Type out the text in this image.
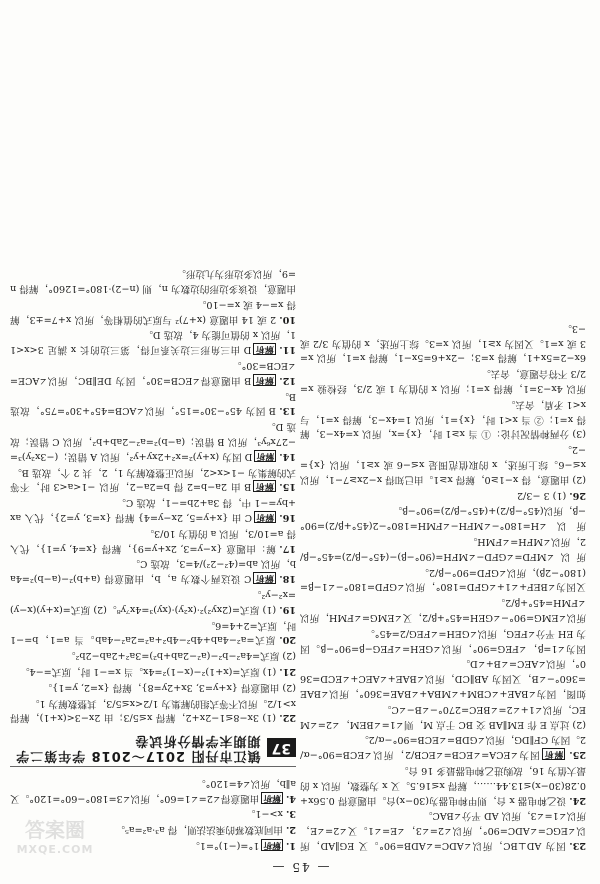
— 45 —
答案圈
MXQE.COM	23. 因为 AD⊥BC，所以∠ADC=∠ADB=90°。又 EG∥AD，所以∠EGC=∠ADC=90°，所以∠2=∠3，∠E=∠1。又∠2=∠E，所以∠1=∠3，所以 AD 平分∠BAC。

24. 设乙种电器 x 台，则甲种电器为(30−x)台。由题意得 0.56x+0.28(30−x)≤13.44……，解得 x≤16.5。又 x 为整数，所以 x 的最大值为 16，故购进乙种电器最多 16 台。

25. 解析因为∠ECA=∠ECB=∠ECB/2，所以∠ECB=90°−α/2。因为 CF∥DG，所以∠GDB=∠ECB=90°−α/2。

(2) 过点 E 作 EM∥AB 交 BC 于点 M，则∠1=∠BEM，∠2=∠MEC，所以∠1+∠2=∠BEC=270°−∠B−∠C。

如图，因为∠BAE+∠CBM+∠MBA+∠BAE=360°，所以∠BAE=360°−∠B，又因为 AB∥CD，所以∠BAE+∠AEC+∠ECD=360°，所以∠AEC=∠B+∠D。

因为∠1=β，∠FEG=90°，所以∠GEH=∠FEG−β=90°−β。因为 EH 平分∠FEG，所以∠GEH=∠FEG/2=45°。

所以∠EMG=90°−∠GEH=45°+β/2，又∠EMG=∠FMH，所以∠FMH=45°+β/2。

又因为∠BEF+∠1+∠GFD=180°，所以∠GFD=180°−∠1−β=(180°−2β)，所以∠GFD=90°−β/2。

所以∠MFD=∠GFD−∠MFH=(90°−β)−(45°−β/2)=45°−β/2，所以∠MFH=∠FMH。

所以∠H=180°−∠MFH−∠FMH=180°−2(45°+β/2)=90°−β，所以(45°−β/2)+(45°−β/2)=90°−β。

26. (1) 3 −3/2

(2) 由题意，得 x−1≥0，解得 x≥1。由已知得 x−2x≥7−1，所以 x≤−6。综上所述，x 的取值范围是 x≤−6 或 x≥1，所以 {x}=−2。

(3) 分两种情况讨论：① 当 x≥1 时，{x}=x，所以 x=4x−3，解得 x=1；② 当 x<1 时，{x}=1，所以 1=4x−3，解得 x=1，与 x<1 矛盾，舍去。

所以 4x−3=1，解得 x=1；所以 x 的值为 1 或 2/3，经检验 x=2/3 不符合题意，舍去。

6x−2=5x+1，解得 x=3；−2x+6=5x−1，解得 x=1，所以 x=3 或 x=1。又因为 x≥1，所以 x=3。综上所述，x 的值为 3/2 或 −3。

1. 解析1°=(−1)°=1。

2. 由同底数幂的乘法法则，得 a³·a²=a⁵。

3. x>−1。

4. 解析由题意得∠2=∠1=60°，所以∠3=180°−60°=120°。又 a∥b，所以∠4=120°。

37
镇江市丹阳 2017～2018 学年第二学期期末学情分析试卷

22. (1) 3x−8≤1−2x+2，解得 x≤5/3；由 2x−3<(x+1)，解得 x>1/2。所以不等式组的解集为 1/2<x≤5/3，其整数解为 1。

(2) 由题意得 {x+y=3, 3x+2y=8}，解得 {x=2, y=1}。

21. (1) 原式=(x+1)²−(x−1)²=4x。当 x=−1 时，原式=−4。

(2) 原式=4a²−b²−(a²−2ab+b²)=3a²+2ab−2b²。

20. 原式=a²−4ab+4b²−4b²+a²=2a²−4ab。当 a=1，b=−1 时，原式=2+4=6。

19. (1) 原式=(2xy²)²·(x²y)·(xy)³=4x⁷y⁸。(2) 原式=(x+y)(x−y)=x²−y²。

18. 解析C 设这两个数为 a，b，由题意得 (a+b)²−(a−b)²=4ab，所以 ab=(4²−2²)/4=3，故选 C。

17. 解：由题意 {x−y=3, 2x+y=9}，解得 {x=4, y=1}，代入得 a=10/3，所以 a 的值为 10/3。

16. 解析C 由 {x+y=5, 2x−y=4} 解得 {x=3, y=2}，代入 ax+by=−1 中，得 3a+2b=−1，故选 C。

15. 解析B 由 2a−b=2 得 b=2a−2，所以 −1<a<3 时，不等式的解集为 −1<x<2，所以正整数解为 1，2，共 2 个，故选 B。

14. 解析D 因为 (x+y)²=x²+2xy+y²，所以 A 错误；(−3x²y)³=−27x⁶y³，所以 B 错误；(a−b)²=a²−2ab+b²，所以 C 错误；故选 D。

13. B 因为 45°−30°=15°，所以∠ACB=45°+30°=75°，故选 B。

12. 解析B 由题意得∠ECB=30°，因为 DE∥BC，所以∠ACE=∠ECB=30°。

11. 解析D 由三角形三边关系可得，第三边的长 x 满足 3<x<11，所以 x 的值可能为 4，故选 D。

10. 2 或 14 由题意 (x+7)² 与原式的值相等，所以 x+7=±3，解得 x=−4 或 x=−10。

由题意，设该多边形的边数为 n，则 (n−2)·180°=1260°，解得 n=9，所以多边形为九边形。
